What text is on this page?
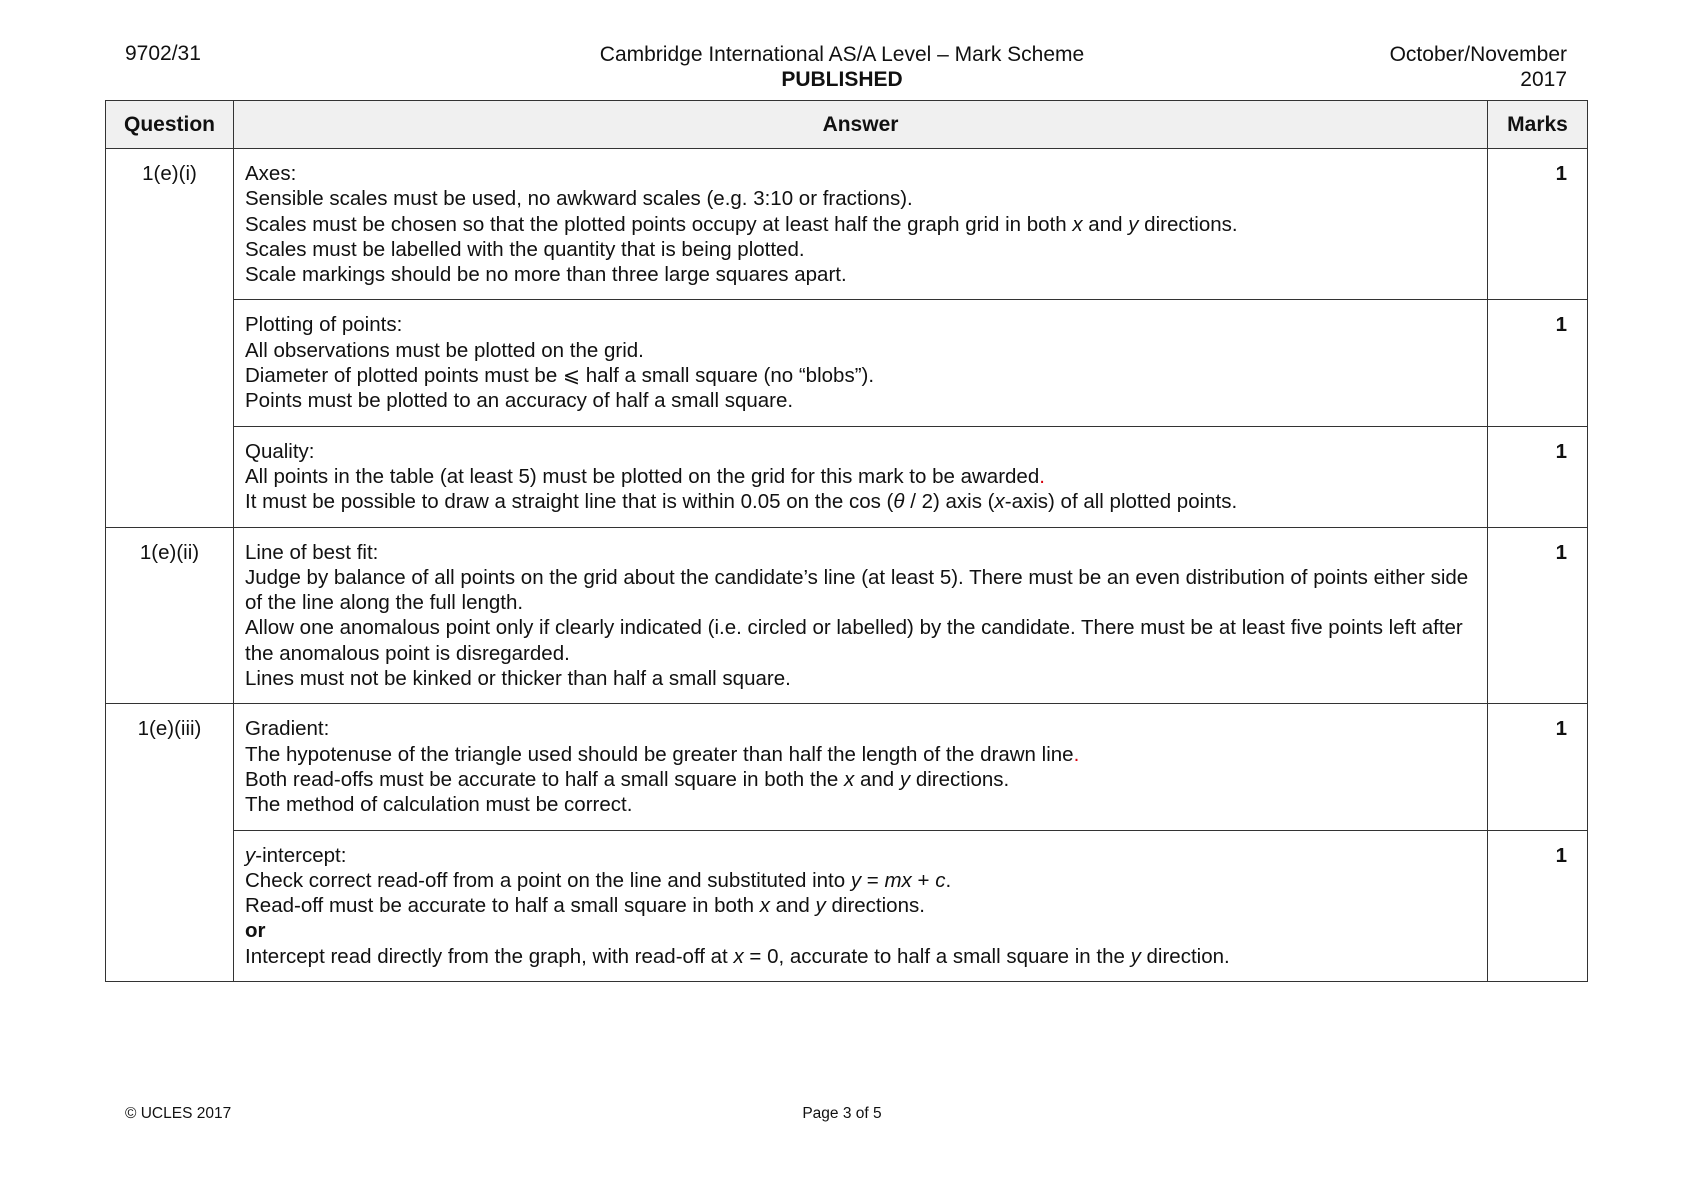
9702/31	Cambridge International AS/A Level – Mark Scheme
PUBLISHED
October/November
2017
Question	Answer	Marks
1(e)(i)	Axes:
Sensible scales must be used, no awkward scales (e.g. 3:10 or fractions).
Scales must be chosen so that the plotted points occupy at least half the graph grid in both x and y directions.
Scales must be labelled with the quantity that is being plotted.
Scale markings should be no more than three large squares apart.	1

	Plotting of points:
All observations must be plotted on the grid.
Diameter of plotted points must be ⩽ half a small square (no “blobs”).
Points must be plotted to an accuracy of half a small square.	1

	Quality:
All points in the table (at least 5) must be plotted on the grid for this mark to be awarded.
It must be possible to draw a straight line that is within 0.05 on the cos (θ / 2) axis (x-axis) of all plotted points.	1
1(e)(ii)	Line of best fit:
Judge by balance of all points on the grid about the candidate’s line (at least 5). There must be an even distribution of points either side of the line along the full length.
Allow one anomalous point only if clearly indicated (i.e. circled or labelled) by the candidate. There must be at least five points left after the anomalous point is disregarded.
Lines must not be kinked or thicker than half a small square.	1
1(e)(iii)	Gradient:
The hypotenuse of the triangle used should be greater than half the length of the drawn line.
Both read-offs must be accurate to half a small square in both the x and y directions.
The method of calculation must be correct.	1

	y-intercept:
Check correct read-off from a point on the line and substituted into y = mx + c.
Read-off must be accurate to half a small square in both x and y directions.
or
Intercept read directly from the graph, with read-off at x = 0, accurate to half a small square in the y direction.	1
© UCLES 2017	Page 3 of 5
